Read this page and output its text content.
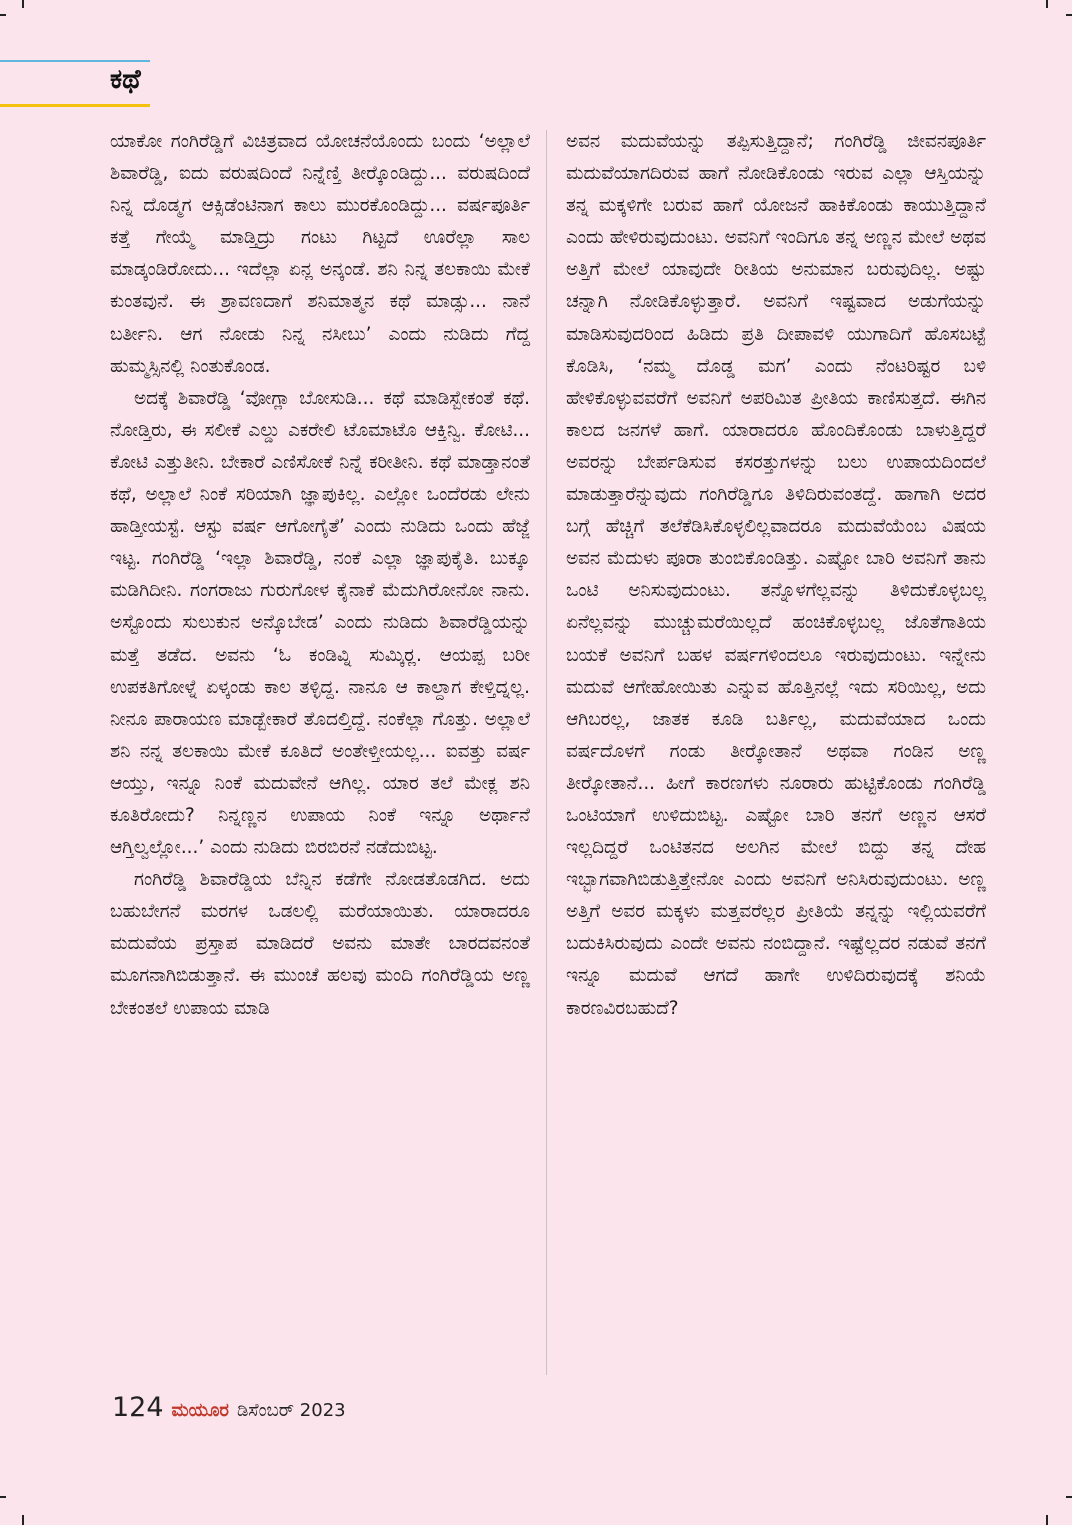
ಕಥೆ

ಯಾಕೋ ಗಂಗಿರೆಡ್ಡಿಗೆ ವಿಚಿತ್ರವಾದ ಯೋಚನೆಯೊಂದು ಬಂದು ‘ಅಲ್ಲಾಲೆ ಶಿವಾರೆಡ್ಡಿ, ಐದು ವರುಷದಿಂದೆ ನಿನ್ನೆಣ್ತಿ ತೀರ್‍ಕೊಂಡಿದ್ದು... ವರುಷದಿಂದೆ ನಿನ್ನ ದೊಡ್ಮಗ ಆಕ್ಸಿಡೆಂಟಿನಾಗ ಕಾಲು ಮುರಕೊಂಡಿದ್ದು... ವರ್ಷಪೂರ್ತಿ ಕತ್ತೆ ಗೇಯ್ಮೆ ಮಾಡ್ತಿದ್ರು ಗಂಟು ಗಿಟ್ಟದೆ ಊರೆಲ್ಲಾ ಸಾಲ ಮಾಡ್ಕಂಡಿರೋದು... ಇದೆಲ್ಲಾ ಏನ್ಲ ಅನ್ಕಂಡೆ. ಶನಿ ನಿನ್ನ ತಲಕಾಯಿ ಮೇಕೆ ಕುಂತವುನೆ. ಈ ಶ್ರಾವಣದಾಗೆ ಶನಿಮಾತ್ಮನ ಕಥೆ ಮಾಡ್ಸು... ನಾನೆ ಬರ್ತೀನಿ. ಆಗ ನೋಡು ನಿನ್ನ ನಸೀಬು’ ಎಂದು ನುಡಿದು ಗೆದ್ದ ಹುಮ್ಮಸ್ಸಿನಲ್ಲಿ ನಿಂತುಕೊಂಡ.

ಅದಕ್ಕೆ ಶಿವಾರೆಡ್ಡಿ ‘ವೋಗ್ಲಾ ಬೋಸುಡಿ... ಕಥೆ ಮಾಡಿಸ್ಬೇಕಂತೆ ಕಥೆ. ನೋಡ್ತಿರು, ಈ ಸಲೀಕೆ ಎಲ್ಡು ಎಕರೇಲಿ ಟೊಮಾಟೊ ಆಕ್ತಿನ್ವಿ. ಕೋಟಿ... ಕೋಟಿ ಎತ್ತುತೀನಿ. ಬೇಕಾರೆ ಎಣಿಸೋಕೆ ನಿನ್ನೆ ಕರೀತೀನಿ. ಕಥೆ ಮಾಡ್ತಾನಂತೆ ಕಥೆ, ಅಲ್ಲಾಲೆ ನಿಂಕೆ ಸರಿಯಾಗಿ ಜ್ಞಾಪುಕಿಲ್ಲ. ಎಲ್ಲೋ ಒಂದೆರಡು ಲೇನು ಹಾಡ್ತೀಯಸ್ಟೆ. ಆಸ್ಟು ವರ್ಷ ಆಗೋಗೈತೆ’ ಎಂದು ನುಡಿದು ಒಂದು ಹೆಜ್ಜೆ ಇಟ್ಟ. ಗಂಗಿರೆಡ್ಡಿ ‘ಇಲ್ಲಾ ಶಿವಾರೆಡ್ಡಿ, ನಂಕೆ ಎಲ್ಲಾ ಜ್ಞಾಪುಕೈತಿ. ಬುಕ್ಕೂ ಮಡಿಗಿದೀನಿ. ಗಂಗರಾಜು ಗುರುಗೋಳ ಕೈನಾಕೆ ಮೆದುಗಿರೋನೋ ನಾನು. ಅಸ್ಟೊಂದು ಸುಲುಕುನ ಅನ್ಕೊಬೇಡ’ ಎಂದು ನುಡಿದು ಶಿವಾರೆಡ್ಡಿಯನ್ನು ಮತ್ತೆ ತಡೆದ. ಅವನು ‘ಓ ಕಂಡಿವ್ನಿ ಸುಮ್ಕಿರ್‍ಲ. ಆಯಪ್ಪ ಬರೀ ಉಪಕತಿಗೋಳ್ನೆ ಏಳ್ಕಂಡು ಕಾಲ ತಳ್ಳಿದ್ದ. ನಾನೂ ಆ ಕಾಲ್ದಾಗ ಕೇಳ್ತಿದ್ನಲ್ಲ. ನೀನೂ ಪಾರಾಯಣ ಮಾಡ್ಬೇಕಾರೆ ತೊದಲ್ತಿದ್ದೆ. ನಂಕೆಲ್ಲಾ ಗೊತ್ತು. ಅಲ್ಲಾಲೆ ಶನಿ ನನ್ನ ತಲಕಾಯಿ ಮೇಕೆ ಕೂತಿದೆ ಅಂತೇಳ್ತೀಯಲ್ಲ... ಐವತ್ತು ವರ್ಷ ಆಯ್ತು, ಇನ್ನೂ ನಿಂಕೆ ಮದುವೇನೆ ಆಗಿಲ್ಲ. ಯಾರ ತಲೆ ಮೇಕ್ಲ ಶನಿ ಕೂತಿರೋದು? ನಿನ್ನಣ್ಣನ ಉಪಾಯ ನಿಂಕೆ ಇನ್ನೂ ಅರ್ಥಾನೆ ಆಗ್ತಿಲ್ವಲ್ಲೋ...’ ಎಂದು ನುಡಿದು ಬಿರಬಿರನೆ ನಡೆದುಬಿಟ್ಟ.

ಗಂಗಿರೆಡ್ಡಿ ಶಿವಾರೆಡ್ಡಿಯ ಬೆನ್ನಿನ ಕಡೆಗೇ ನೋಡತೊಡಗಿದ. ಅದು ಬಹುಬೇಗನೆ ಮರಗಳ ಒಡಲಲ್ಲಿ ಮರೆಯಾಯಿತು. ಯಾರಾದರೂ ಮದುವೆಯ ಪ್ರಸ್ತಾಪ ಮಾಡಿದರೆ ಅವನು ಮಾತೇ ಬಾರದವನಂತೆ ಮೂಗನಾಗಿಬಿಡುತ್ತಾನೆ. ಈ ಮುಂಚೆ ಹಲವು ಮಂದಿ ಗಂಗಿರೆಡ್ಡಿಯ ಅಣ್ಣ ಬೇಕಂತಲೆ ಉಪಾಯ ಮಾಡಿ

ಅವನ ಮದುವೆಯನ್ನು ತಪ್ಪಿಸುತ್ತಿದ್ದಾನೆ; ಗಂಗಿರೆಡ್ಡಿ ಜೀವನಪೂರ್ತಿ ಮದುವೆಯಾಗದಿರುವ ಹಾಗೆ ನೋಡಿಕೊಂಡು ಇರುವ ಎಲ್ಲಾ ಆಸ್ತಿಯನ್ನು ತನ್ನ ಮಕ್ಕಳಿಗೇ ಬರುವ ಹಾಗೆ ಯೋಜನೆ ಹಾಕಿಕೊಂಡು ಕಾಯುತ್ತಿದ್ದಾನೆ ಎಂದು ಹೇಳಿರುವುದುಂಟು. ಅವನಿಗೆ ಇಂದಿಗೂ ತನ್ನ ಅಣ್ಣನ ಮೇಲೆ ಅಥವ ಅತ್ತಿಗೆ ಮೇಲೆ ಯಾವುದೇ ರೀತಿಯ ಅನುಮಾನ ಬರುವುದಿಲ್ಲ. ಅಷ್ಟು ಚನ್ನಾಗಿ ನೋಡಿಕೊಳ್ಳುತ್ತಾರೆ. ಅವನಿಗೆ ಇಷ್ಟವಾದ ಅಡುಗೆಯನ್ನು ಮಾಡಿಸುವುದರಿಂದ ಹಿಡಿದು ಪ್ರತಿ ದೀಪಾವಳಿ ಯುಗಾದಿಗೆ ಹೊಸಬಟ್ಟೆ ಕೊಡಿಸಿ, ‘ನಮ್ಮ ದೊಡ್ಡ ಮಗ’ ಎಂದು ನೆಂಟರಿಷ್ಟರ ಬಳಿ ಹೇಳಿಕೊಳ್ಳುವವರೆಗೆ ಅವನಿಗೆ ಅಪರಿಮಿತ ಪ್ರೀತಿಯ ಕಾಣಿಸುತ್ತದೆ. ಈಗಿನ ಕಾಲದ ಜನಗಳೆ ಹಾಗೆ. ಯಾರಾದರೂ ಹೊಂದಿಕೊಂಡು ಬಾಳುತ್ತಿದ್ದರೆ ಅವರನ್ನು ಬೇರ್ಪಡಿಸುವ ಕಸರತ್ತುಗಳನ್ನು ಬಲು ಉಪಾಯದಿಂದಲೆ ಮಾಡುತ್ತಾರೆನ್ನುವುದು ಗಂಗಿರೆಡ್ಡಿಗೂ ತಿಳಿದಿರುವಂತದ್ದೆ. ಹಾಗಾಗಿ ಅದರ ಬಗ್ಗೆ ಹೆಚ್ಚಿಗೆ ತಲೆಕೆಡಿಸಿಕೊಳ್ಳಲಿಲ್ಲವಾದರೂ ಮದುವೆಯೆಂಬ ವಿಷಯ ಅವನ ಮೆದುಳು ಪೂರಾ ತುಂಬಿಕೊಂಡಿತ್ತು. ಎಷ್ಟೋ ಬಾರಿ ಅವನಿಗೆ ತಾನು ಒಂಟಿ ಅನಿಸುವುದುಂಟು. ತನ್ನೊಳಗೆಲ್ಲವನ್ನು ತಿಳಿದುಕೊಳ್ಳಬಲ್ಲ ಏನೆಲ್ಲವನ್ನು ಮುಚ್ಚುಮರೆಯಿಲ್ಲದೆ ಹಂಚಿಕೊಳ್ಳಬಲ್ಲ ಜೊತೆಗಾತಿಯ ಬಯಕೆ ಅವನಿಗೆ ಬಹಳ ವರ್ಷಗಳಿಂದಲೂ ಇರುವುದುಂಟು. ಇನ್ನೇನು ಮದುವೆ ಆಗೇಹೋಯಿತು ಎನ್ನುವ ಹೊತ್ತಿನಲ್ಲೆ ಇದು ಸರಿಯಿಲ್ಲ, ಅದು ಆಗಿಬರಲ್ಲ, ಜಾತಕ ಕೂಡಿ ಬರ್ತಿಲ್ಲ, ಮದುವೆಯಾದ ಒಂದು ವರ್ಷದೊಳಗೆ ಗಂಡು ತೀರ್‍ಕೋತಾನೆ ಅಥವಾ ಗಂಡಿನ ಅಣ್ಣ ತೀರ್‍ಕೋತಾನೆ... ಹೀಗೆ ಕಾರಣಗಳು ನೂರಾರು ಹುಟ್ಟಿಕೊಂಡು ಗಂಗಿರೆಡ್ಡಿ ಒಂಟಿಯಾಗೆ ಉಳಿದುಬಿಟ್ಟ. ಎಷ್ಟೋ ಬಾರಿ ತನಗೆ ಅಣ್ಣನ ಆಸರೆ ಇಲ್ಲದಿದ್ದರೆ ಒಂಟಿತನದ ಅಲಗಿನ ಮೇಲೆ ಬಿದ್ದು ತನ್ನ ದೇಹ ಇಬ್ಭಾಗವಾಗಿಬಿಡುತ್ತಿತ್ತೇನೋ ಎಂದು ಅವನಿಗೆ ಅನಿಸಿರುವುದುಂಟು. ಅಣ್ಣ ಅತ್ತಿಗೆ ಅವರ ಮಕ್ಕಳು ಮತ್ತವರೆಲ್ಲರ ಪ್ರೀತಿಯೆ ತನ್ನನ್ನು ಇಲ್ಲಿಯವರೆಗೆ ಬದುಕಿಸಿರುವುದು ಎಂದೇ ಅವನು ನಂಬಿದ್ದಾನೆ. ಇಷ್ಟೆಲ್ಲದರ ನಡುವೆ ತನಗೆ ಇನ್ನೂ ಮದುವೆ ಆಗದೆ ಹಾಗೇ ಉಳಿದಿರುವುದಕ್ಕೆ ಶನಿಯೆ ಕಾರಣವಿರಬಹುದೆ?

124 ಮಯೂರ ಡಿಸೆಂಬರ್ 2023
